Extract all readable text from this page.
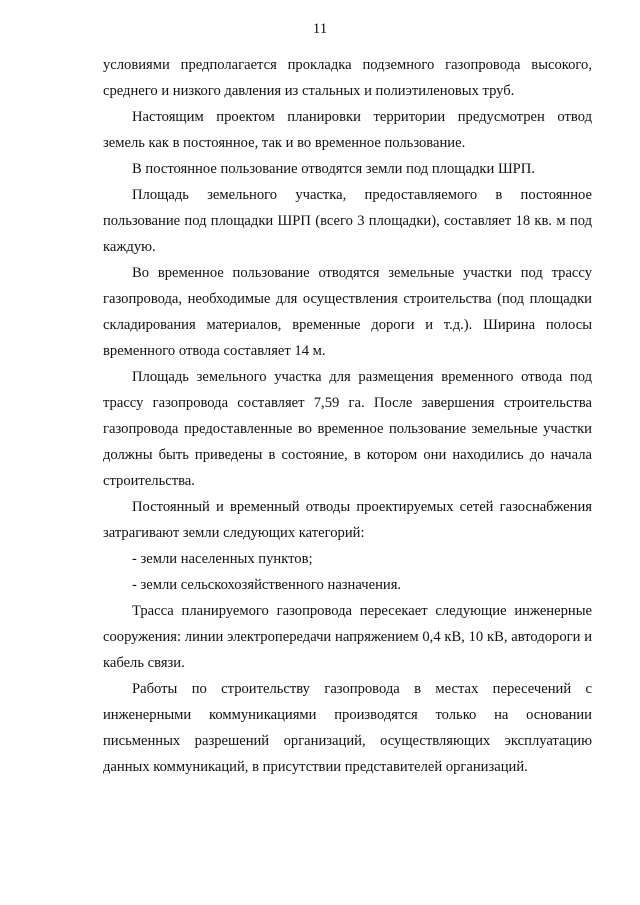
11

условиями предполагается прокладка подземного газопровода высокого, среднего и низкого давления из стальных и полиэтиленовых труб.

Настоящим проектом планировки территории предусмотрен отвод земель как в постоянное, так и во временное пользование.

В постоянное пользование отводятся земли под площадки ШРП.

Площадь земельного участка, предоставляемого в постоянное пользование под площадки ШРП (всего 3 площадки), составляет 18 кв. м под каждую.

Во временное пользование отводятся земельные участки под трассу газопровода, необходимые для осуществления строительства (под площадки складирования материалов, временные дороги и т.д.). Ширина полосы временного отвода составляет 14 м.

Площадь земельного участка для размещения временного отвода под трассу газопровода составляет 7,59 га. После завершения строительства газопровода предоставленные во временное пользование земельные участки должны быть приведены в состояние, в котором они находились до начала строительства.

Постоянный и временный отводы проектируемых сетей газоснабжения затрагивают земли следующих категорий:

- земли населенных пунктов;

- земли сельскохозяйственного назначения.

Трасса планируемого газопровода пересекает следующие инженерные сооружения: линии электропередачи напряжением 0,4 кВ, 10 кВ, автодороги и кабель связи.

Работы по строительству газопровода в местах пересечений с инженерными коммуникациями производятся только на основании письменных разрешений организаций, осуществляющих эксплуатацию данных коммуникаций, в присутствии представителей организаций.
